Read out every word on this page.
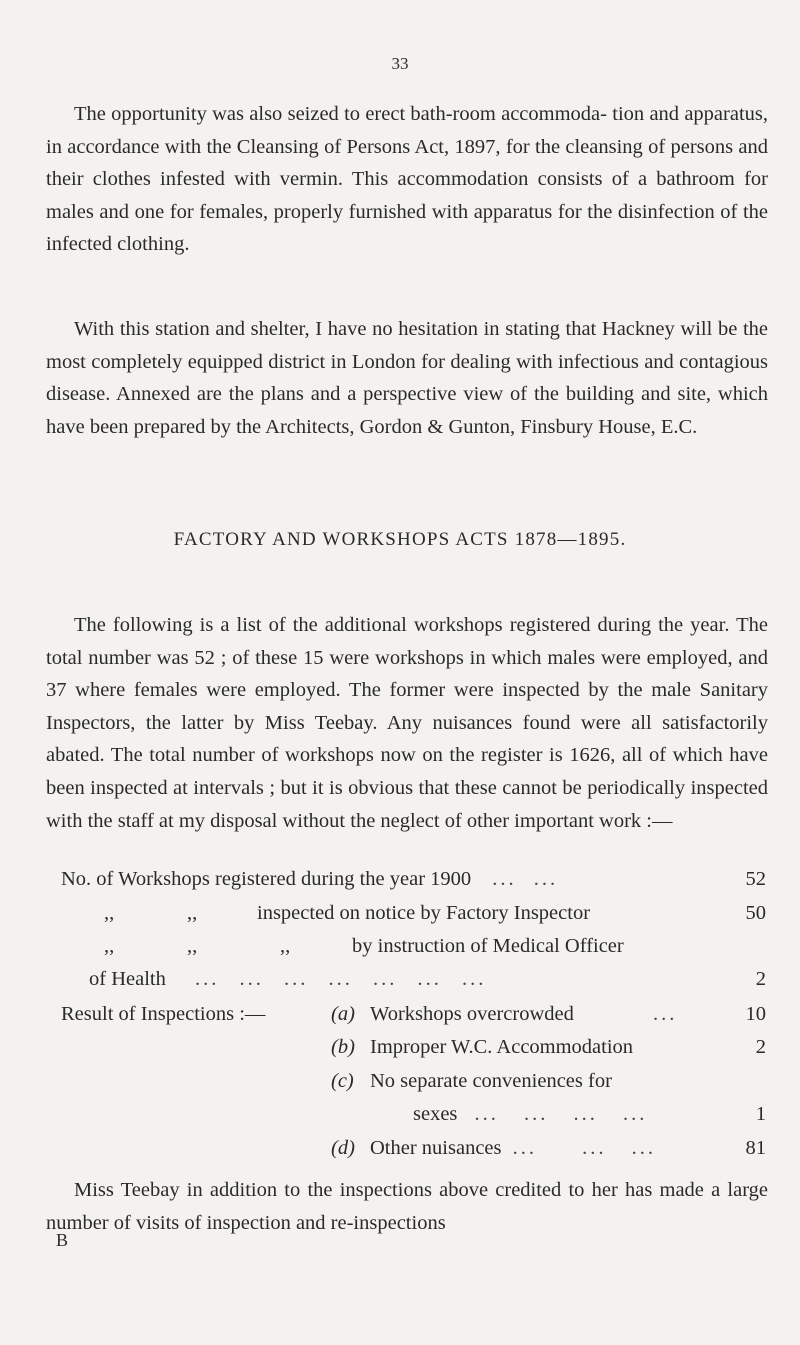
33
The opportunity was also seized to erect bath-room accommoda- tion and apparatus, in accordance with the Cleansing of Persons Act, 1897, for the cleansing of persons and their clothes infested with vermin. This accommodation consists of a bathroom for males and one for females, properly furnished with apparatus for the disinfection of the infected clothing.
With this station and shelter, I have no hesitation in stating that Hackney will be the most completely equipped district in London for dealing with infectious and contagious disease. Annexed are the plans and a perspective view of the building and site, which have been prepared by the Architects, Gordon & Gunton, Finsbury House, E.C.
FACTORY AND WORKSHOPS ACTS 1878—1895.
The following is a list of the additional workshops registered during the year. The total number was 52 ; of these 15 were workshops in which males were employed, and 37 where females were employed. The former were inspected by the male Sanitary Inspectors, the latter by Miss Teebay. Any nuisances found were all satisfactorily abated. The total number of workshops now on the register is 1626, all of which have been inspected at intervals ; but it is obvious that these cannot be periodically inspected with the staff at my disposal without the neglect of other important work :—
No. of Workshops registered during the year 1900 ... ...	52
,,	,,	inspected on notice by Factory Inspector	50
,,	,,	,,	by instruction of Medical Officer
of Health ... ... ... ... ... ... ...	2
Result of Inspections :—	(a) Workshops overcrowded	...	10
(b) Improper W.C. Accommodation	2
(c) No separate conveniences for
sexes ... ... ... ...	1
(d) Other nuisances ... ... ...	81
Miss Teebay in addition to the inspections above credited to her has made a large number of visits of inspection and re-inspections
B
